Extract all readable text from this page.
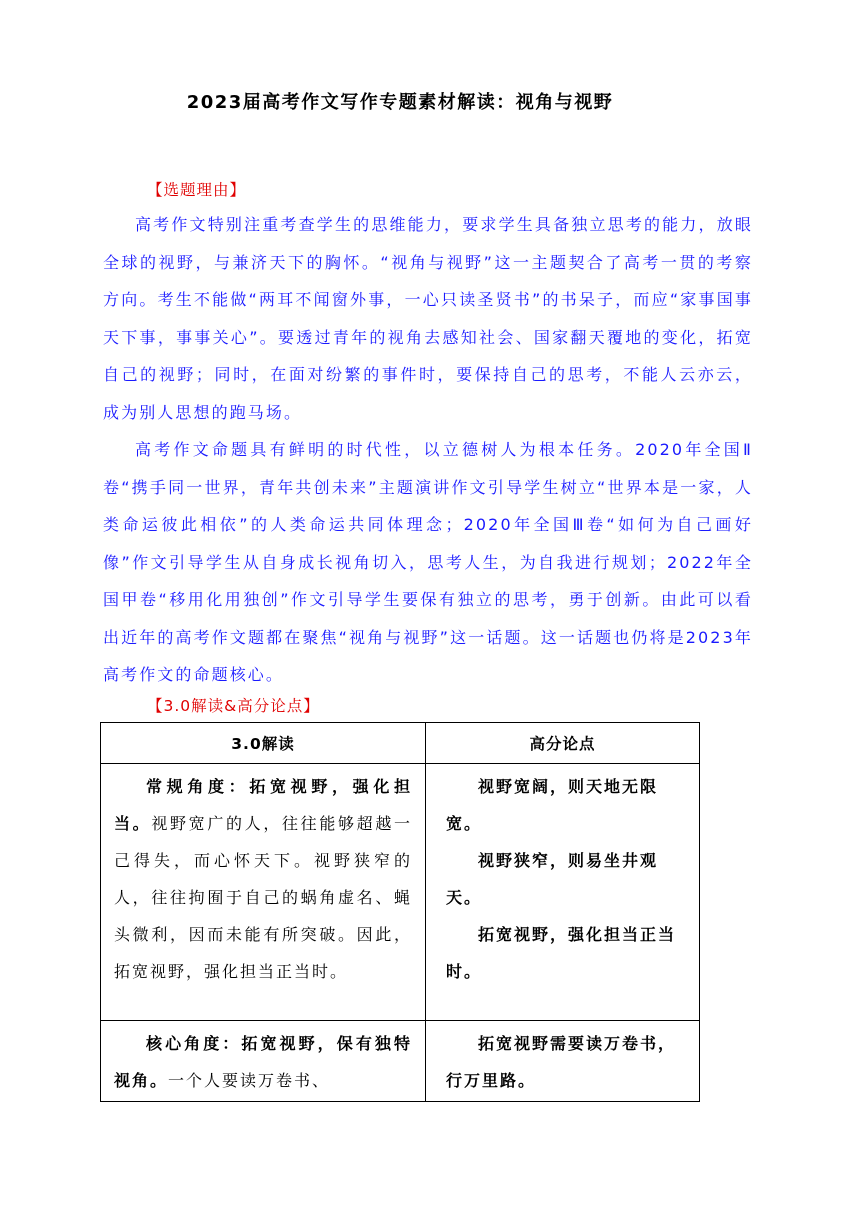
2023届高考作文写作专题素材解读：视角与视野
【选题理由】

高考作文特别注重考查学生的思维能力，要求学生具备独立思考的能力，放眼全球的视野，与兼济天下的胸怀。“视角与视野”这一主题契合了高考一贯的考察方向。考生不能做“两耳不闻窗外事，一心只读圣贤书”的书呆子，而应“家事国事天下事，事事关心”。要透过青年的视角去感知社会、国家翻天覆地的变化，拓宽自己的视野；同时，在面对纷繁的事件时，要保持自己的思考，不能人云亦云，成为别人思想的跑马场。

高考作文命题具有鲜明的时代性，以立德树人为根本任务。2020年全国Ⅱ卷“携手同一世界，青年共创未来”主题演讲作文引导学生树立“世界本是一家，人类命运彼此相依”的人类命运共同体理念；2020年全国Ⅲ卷“如何为自己画好像”作文引导学生从自身成长视角切入，思考人生，为自我进行规划；2022年全国甲卷“移用化用独创”作文引导学生要保有独立的思考，勇于创新。由此可以看出近年的高考作文题都在聚焦“视角与视野”这一话题。这一话题也仍将是2023年高考作文的命题核心。

【3.0解读&高分论点】
3.0解读	高分论点

常规角度：拓宽视野，强化担当。视野宽广的人，往往能够超越一己得失，而心怀天下。视野狭窄的人，往往拘囿于自己的蜗角虚名、蝇头微利，因而未能有所突破。因此，拓宽视野，强化担当正当时。	视野宽阔，则天地无限宽。
视野狭窄，则易坐井观天。
拓宽视野，强化担当正当时。

核心角度：拓宽视野，保有独特视角。一个人要读万卷书、	拓宽视野需要读万卷书，行万里路。
